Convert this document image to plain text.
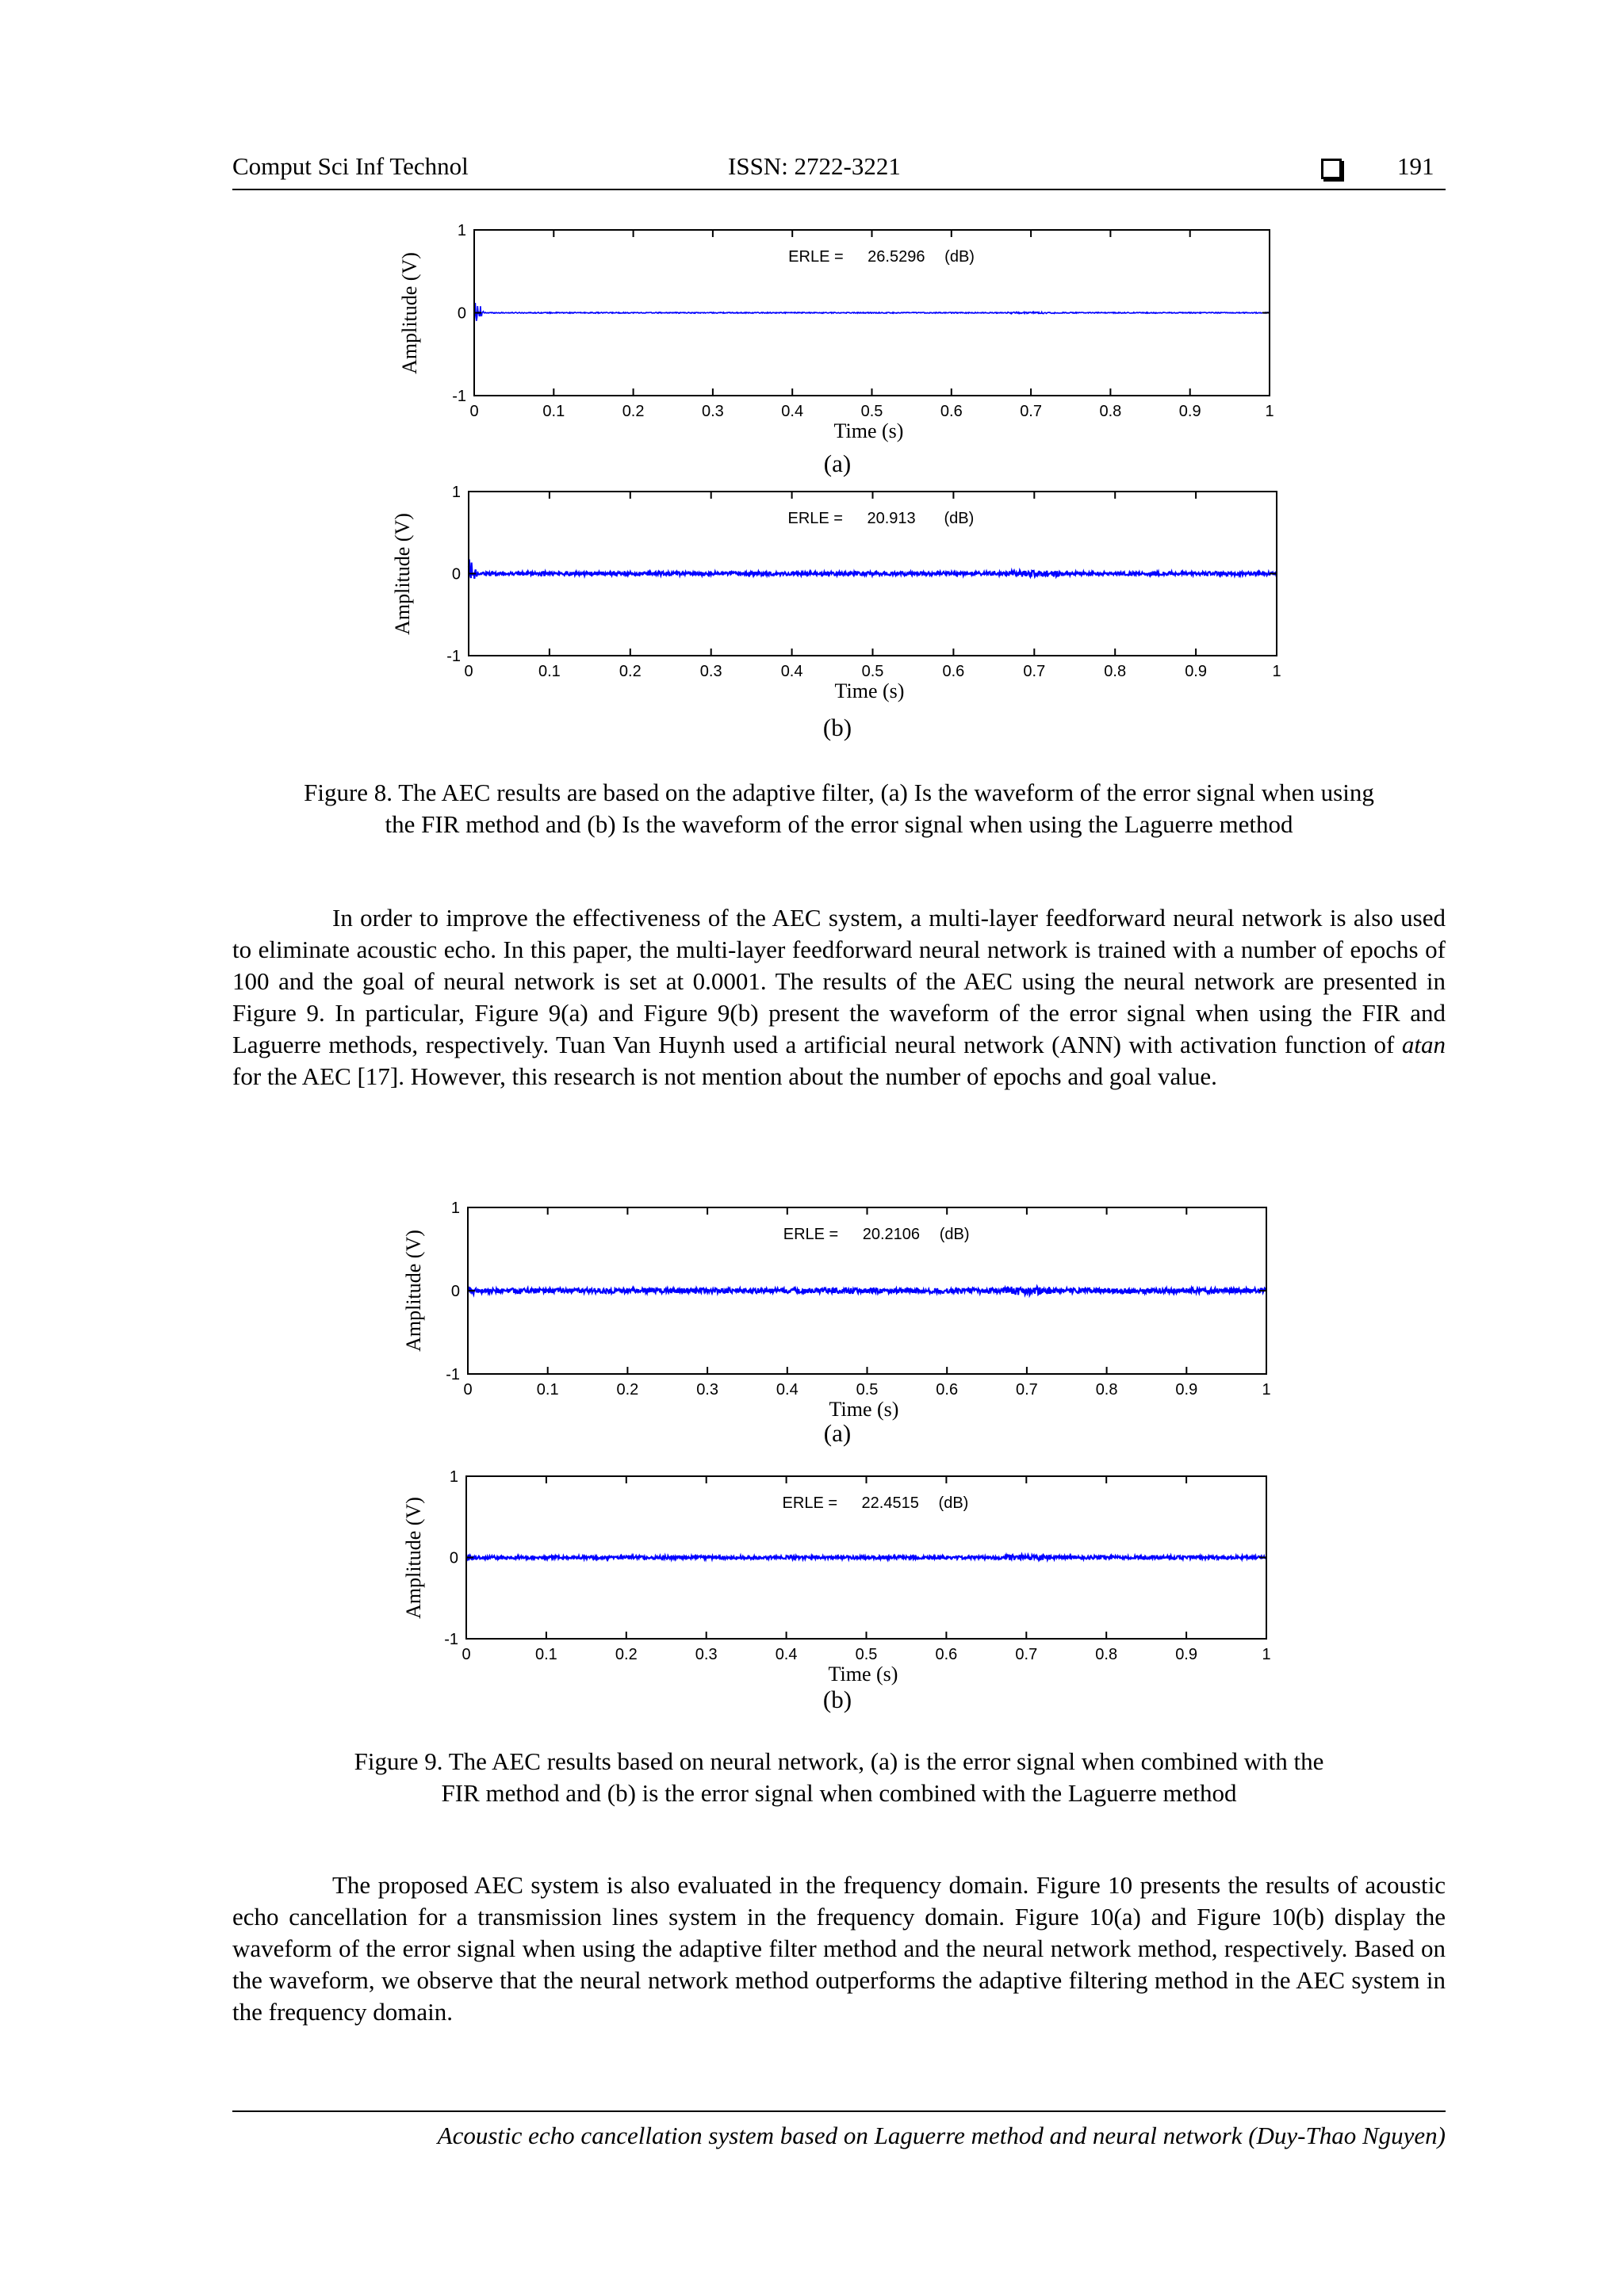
Comput Sci Inf Technol	ISSN: 2722-3221	191
0	0.1	0.2	0.3	0.4	0.5	0.6	0.7	0.8	0.9	1
1
0
-1
Time (s)
Amplitude (V)	ERLE = 26.5296 (dB)
0	0.1	0.2	0.3	0.4	0.5	0.6	0.7	0.8	0.9	1
1
0
-1
Time (s)
Amplitude (V)	ERLE = 20.913 (dB)
0	0.1	0.2	0.3	0.4	0.5	0.6	0.7	0.8	0.9	1
1
0
-1
Time (s)
Amplitude (V)	ERLE = 20.2106 (dB)
0	0.1	0.2	0.3	0.4	0.5	0.6	0.7	0.8	0.9	1
1
0
-1
Time (s)
Amplitude (V)	ERLE = 22.4515 (dB)
(a)
(b)
Figure 8. The AEC results are based on the adaptive filter, (a) Is the waveform of the error signal when using
the FIR method and (b) Is the waveform of the error signal when using the Laguerre method
In order to improve the effectiveness of the AEC system, a multi-layer feedforward neural network is also used to eliminate acoustic echo. In this paper, the multi-layer feedforward neural network is trained with a number of epochs of 100 and the goal of neural network is set at 0.0001. The results of the AEC using the neural network are presented in Figure 9. In particular, Figure 9(a) and Figure 9(b) present the waveform of the error signal when using the FIR and Laguerre methods, respectively. Tuan Van Huynh used a artificial neural network (ANN) with activation function of atan for the AEC [17]. However, this research is not mention about the number of epochs and goal value.
(a)
(b)
Figure 9. The AEC results based on neural network, (a) is the error signal when combined with the
FIR method and (b) is the error signal when combined with the Laguerre method
The proposed AEC system is also evaluated in the frequency domain. Figure 10 presents the results of acoustic echo cancellation for a transmission lines system in the frequency domain. Figure 10(a) and Figure 10(b) display the waveform of the error signal when using the adaptive filter method and the neural network method, respectively. Based on the waveform, we observe that the neural network method outperforms the adaptive filtering method in the AEC system in the frequency domain.
Acoustic echo cancellation system based on Laguerre method and neural network (Duy-Thao Nguyen)
